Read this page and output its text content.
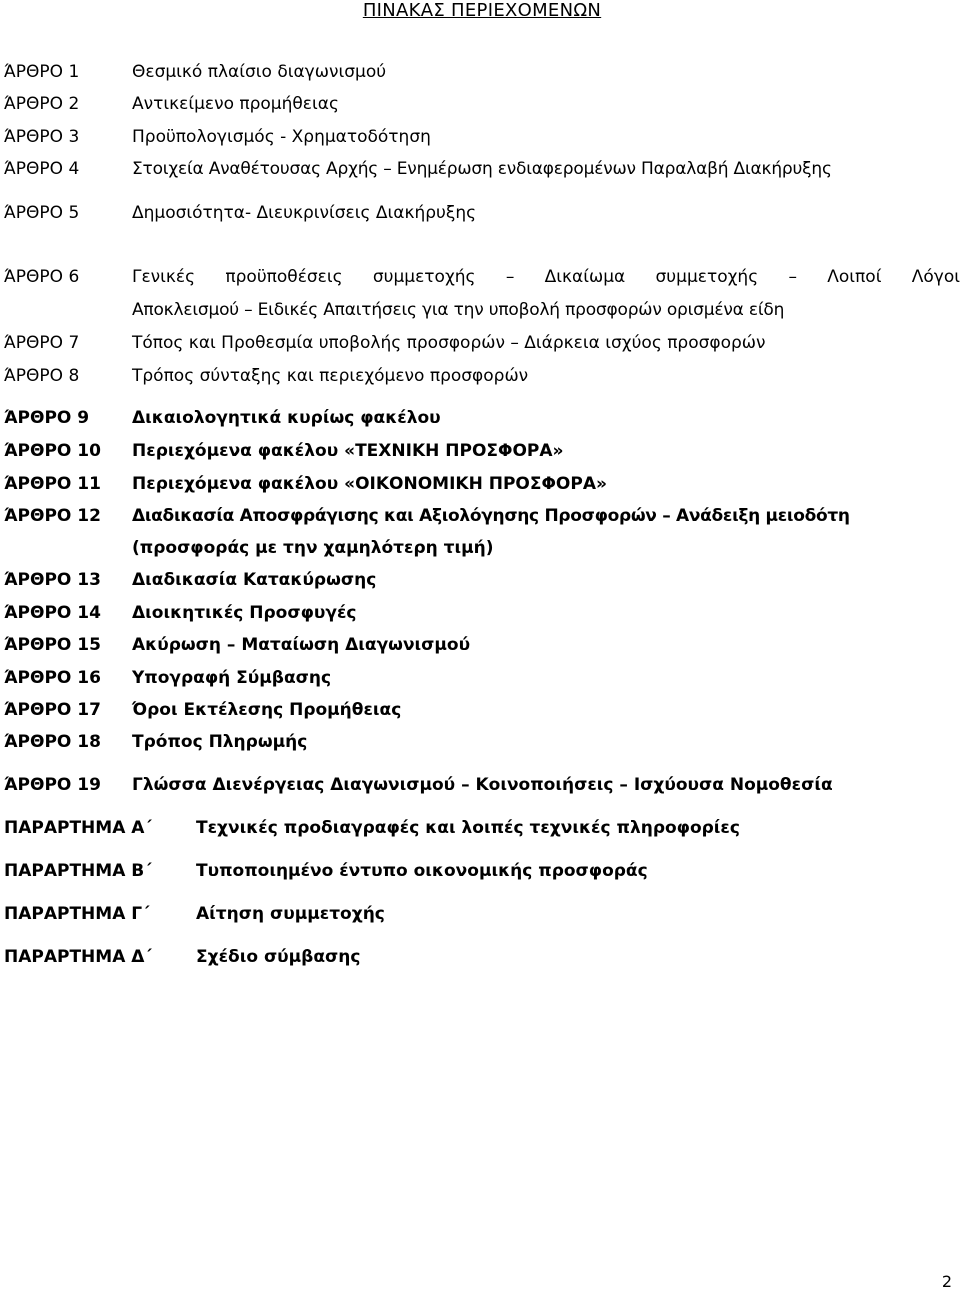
ΠΙΝΑΚΑΣ ΠΕΡΙΕΧΟΜΕΝΩΝ
ΆΡΘΡΟ 1	Θεσμικό πλαίσιο διαγωνισμού
ΆΡΘΡΟ 2	Αντικείμενο προμήθειας
ΆΡΘΡΟ 3	Προϋπολογισμός - Χρηματοδότηση
ΆΡΘΡΟ 4	Στοιχεία Αναθέτουσας Αρχής – Ενημέρωση ενδιαφερομένων Παραλαβή Διακήρυξης
ΆΡΘΡΟ 5	Δημοσιότητα- Διευκρινίσεις Διακήρυξης
ΆΡΘΡΟ 6	Γενικές προϋποθέσεις συμμετοχής – Δικαίωμα συμμετοχής – Λοιποί Λόγοι
Αποκλεισμού – Ειδικές Απαιτήσεις για την υποβολή προσφορών ορισμένα είδη
ΆΡΘΡΟ 7	Τόπος και Προθεσμία υποβολής προσφορών – Διάρκεια ισχύος προσφορών
ΆΡΘΡΟ 8	Τρόπος σύνταξης και περιεχόμενο προσφορών
ΆΡΘΡΟ 9	Δικαιολογητικά κυρίως φακέλου
ΆΡΘΡΟ 10 Περιεχόμενα φακέλου «ΤΕΧΝΙΚΗ ΠΡΟΣΦΟΡΑ»
ΆΡΘΡΟ 11 Περιεχόμενα φακέλου «ΟΙΚΟΝΟΜΙΚΗ ΠΡΟΣΦΟΡΑ»
ΆΡΘΡΟ 12 Διαδικασία Αποσφράγισης και Αξιολόγησης Προσφορών – Ανάδειξη μειοδότη
(προσφοράς με την χαμηλότερη τιμή)
ΆΡΘΡΟ 13 Διαδικασία Κατακύρωσης
ΆΡΘΡΟ 14 Διοικητικές Προσφυγές
ΆΡΘΡΟ 15 Ακύρωση – Ματαίωση Διαγωνισμού
ΆΡΘΡΟ 16 Υπογραφή Σύμβασης
ΆΡΘΡΟ 17 Όροι Εκτέλεσης Προμήθειας
ΆΡΘΡΟ 18 Τρόπος Πληρωμής
ΆΡΘΡΟ 19 Γλώσσα Διενέργειας Διαγωνισμού – Κοινοποιήσεις – Ισχύουσα Νομοθεσία
ΠΑΡΑΡΤΗΜΑ Α΄	Τεχνικές προδιαγραφές και λοιπές τεχνικές πληροφορίες
ΠΑΡΑΡΤΗΜΑ Β΄	Τυποποιημένο έντυπο οικονομικής προσφοράς
ΠΑΡΑΡΤΗΜΑ Γ΄	Αίτηση συμμετοχής
ΠΑΡΑΡΤΗΜΑ Δ΄	Σχέδιο σύμβασης
2
